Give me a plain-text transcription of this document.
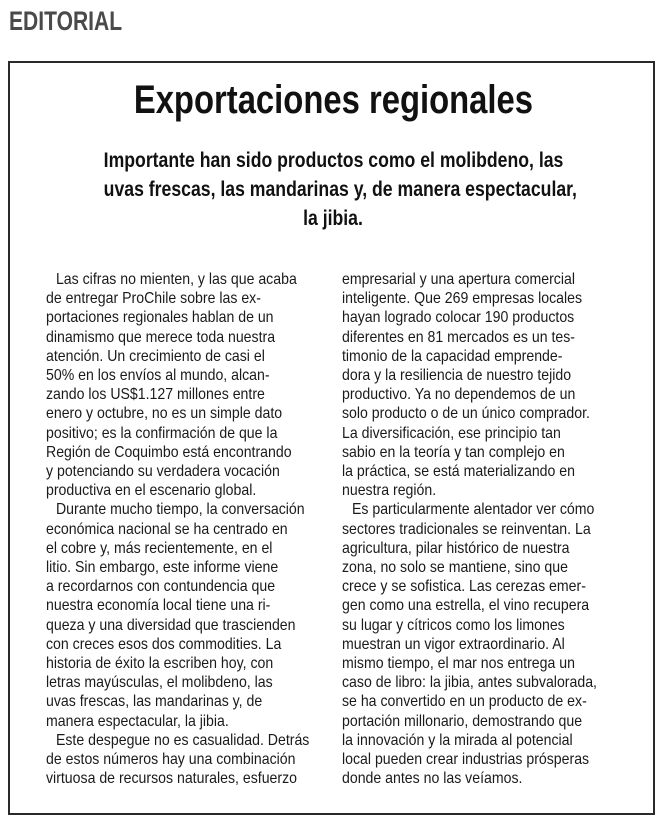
EDITORIAL
Exportaciones regionales
Importante han sido productos como el molibdeno, las
uvas frescas, las mandarinas y, de manera espectacular,
la jibia.
Las cifras no mienten, y las que acaba
de entregar ProChile sobre las ex-
portaciones regionales hablan de un
dinamismo que merece toda nuestra
atención. Un crecimiento de casi el
50% en los envíos al mundo, alcan-
zando los US$1.127 millones entre
enero y octubre, no es un simple dato
positivo; es la confirmación de que la
Región de Coquimbo está encontrando
y potenciando su verdadera vocación
productiva en el escenario global.
Durante mucho tiempo, la conversación
económica nacional se ha centrado en
el cobre y, más recientemente, en el
litio. Sin embargo, este informe viene
a recordarnos con contundencia que
nuestra economía local tiene una ri-
queza y una diversidad que trascienden
con creces esos dos commodities. La
historia de éxito la escriben hoy, con
letras mayúsculas, el molibdeno, las
uvas frescas, las mandarinas y, de
manera espectacular, la jibia.
Este despegue no es casualidad. Detrás
de estos números hay una combinación
virtuosa de recursos naturales, esfuerzo
empresarial y una apertura comercial
inteligente. Que 269 empresas locales
hayan logrado colocar 190 productos
diferentes en 81 mercados es un tes-
timonio de la capacidad emprende-
dora y la resiliencia de nuestro tejido
productivo. Ya no dependemos de un
solo producto o de un único comprador.
La diversificación, ese principio tan
sabio en la teoría y tan complejo en
la práctica, se está materializando en
nuestra región.
Es particularmente alentador ver cómo
sectores tradicionales se reinventan. La
agricultura, pilar histórico de nuestra
zona, no solo se mantiene, sino que
crece y se sofistica. Las cerezas emer-
gen como una estrella, el vino recupera
su lugar y cítricos como los limones
muestran un vigor extraordinario. Al
mismo tiempo, el mar nos entrega un
caso de libro: la jibia, antes subvalorada,
se ha convertido en un producto de ex-
portación millonario, demostrando que
la innovación y la mirada al potencial
local pueden crear industrias prósperas
donde antes no las veíamos.
